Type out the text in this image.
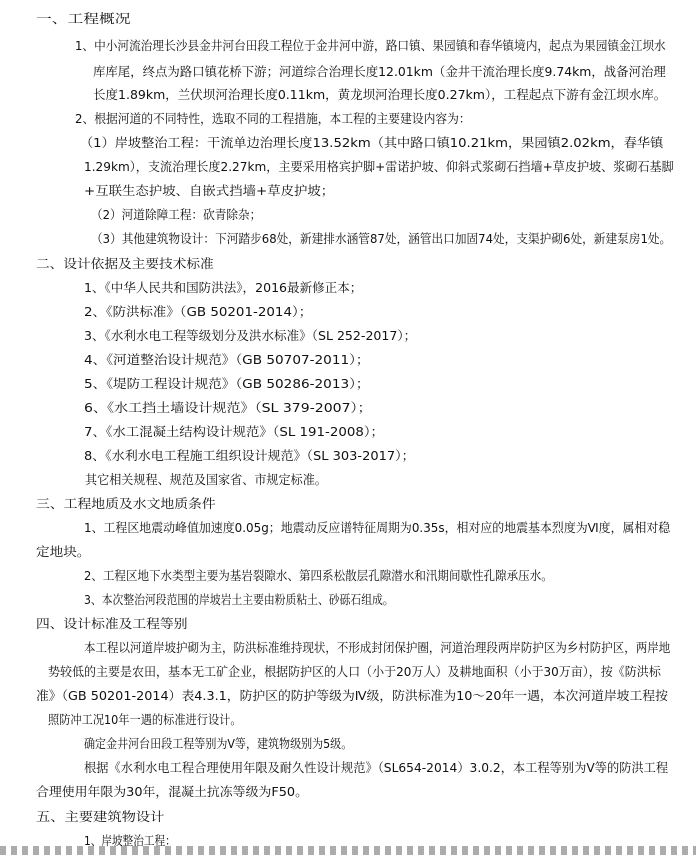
一、工程概况
1、中小河流治理长沙县金井河台田段工程位于金井河中游，路口镇、果园镇和春华镇境内，起点为果园镇金江坝水
库库尾，终点为路口镇花桥下游；河道综合治理长度12.01km（金井干流治理长度9.74km，战备河治理
长度1.89km，兰伏坝河治理长度0.11km，黄龙坝河治理长度0.27km），工程起点下游有金江坝水库。
2、根据河道的不同特性，选取不同的工程措施，本工程的主要建设内容为：
（1）岸坡整治工程：干流单边治理长度13.52km（其中路口镇10.21km，果园镇2.02km，春华镇
1.29km），支流治理长度2.27km，主要采用格宾护脚+雷诺护坡、仰斜式浆砌石挡墙+草皮护坡、浆砌石基脚
+互联生态护坡、自嵌式挡墙+草皮护坡；
（2）河道除障工程：砍青除杂；
（3）其他建筑物设计：下河踏步68处，新建排水涵管87处，涵管出口加固74处，支渠护砌6处，新建泵房1处。
二、设计依据及主要技术标准
1、《中华人民共和国防洪法》，2016最新修正本；
2、《防洪标准》（GB 50201-2014）；
3、《水利水电工程等级划分及洪水标准》（SL 252-2017）；
4、《河道整治设计规范》（GB 50707-2011）；
5、《堤防工程设计规范》（GB 50286-2013）；
6、《水工挡土墙设计规范》（SL 379-2007）；
7、《水工混凝土结构设计规范》（SL 191-2008）；
8、《水利水电工程施工组织设计规范》（SL 303-2017）；
其它相关规程、规范及国家省、市规定标准。
三、工程地质及水文地质条件
1、工程区地震动峰值加速度0.05g；地震动反应谱特征周期为0.35s，相对应的地震基本烈度为Ⅵ度，属相对稳
定地块。
2、工程区地下水类型主要为基岩裂隙水、第四系松散层孔隙潜水和汛期间歇性孔隙承压水。
3、本次整治河段范围的岸坡岩土主要由粉质粘土、砂砾石组成。
四、设计标准及工程等别
本工程以河道岸坡护砌为主，防洪标准维持现状，不形成封闭保护圈，河道治理段两岸防护区为乡村防护区，两岸地
势较低的主要是农田，基本无工矿企业，根据防护区的人口（小于20万人）及耕地面积（小于30万亩），按《防洪标
准》（GB 50201-2014）表4.3.1，防护区的防护等级为Ⅳ级，防洪标准为10～20年一遇，本次河道岸坡工程按
照防冲工况10年一遇的标准进行设计。
确定金井河台田段工程等别为Ⅴ等，建筑物级别为5级。
根据《水利水电工程合理使用年限及耐久性设计规范》（SL654-2014）3.0.2，本工程等别为Ⅴ等的防洪工程
合理使用年限为30年，混凝土抗冻等级为F50。
五、主要建筑物设计
1、岸坡整治工程：
